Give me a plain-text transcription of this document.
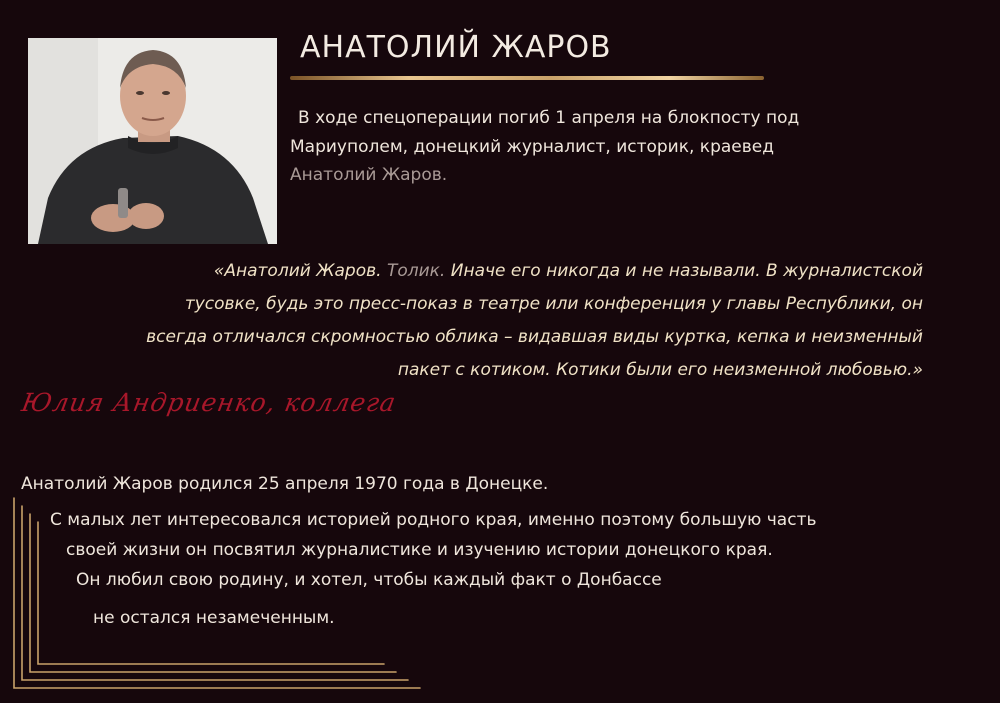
АНАТОЛИЙ ЖАРОВ

В ходе спецоперации погиб 1 апреля на блокпосту под

Мариуполем, донецкий журналист, историк, краевед

Анатолий Жаров.

«Анатолий Жаров. Толик. Иначе его никогда и не называли. В журналистской

тусовке, будь это пресс-показ в театре или конференция у главы Республики, он

всегда отличался скромностью облика – видавшая виды куртка, кепка и неизменный

пакет с котиком. Котики были его неизменной любовью.»

Юлия Андриенко, коллега

Анатолий Жаров родился 25 апреля 1970 года в Донецке.

С малых лет интересовался историей родного края, именно поэтому большую часть

своей жизни он посвятил журналистике и изучению истории донецкого края.

Он любил свою родину, и хотел, чтобы каждый факт о Донбассе

не остался незамеченным.
